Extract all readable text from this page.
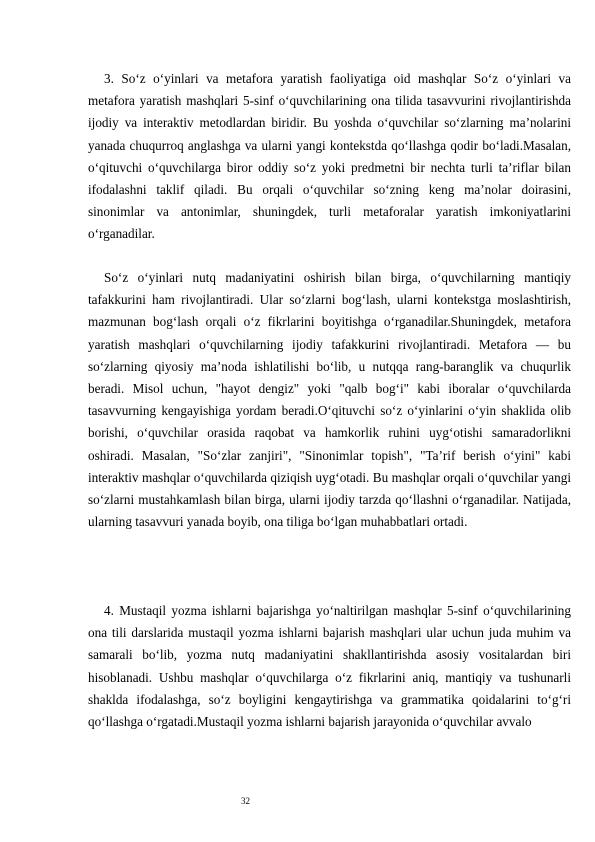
3. So‘z o‘yinlari va metafora yaratish faoliyatiga oid mashqlar So‘z o‘yinlari va metafora yaratish mashqlari 5-sinf o‘quvchilarining ona tilida tasavvurini rivojlantirishda ijodiy va interaktiv metodlardan biridir. Bu yoshda o‘quvchilar so‘zlarning ma’nolarini yanada chuqurroq anglashga va ularni yangi kontekstda qo‘llashga qodir bo‘ladi.Masalan, o‘qituvchi o‘quvchilarga biror oddiy so‘z yoki predmetni bir nechta turli ta’riflar bilan ifodalashni taklif qiladi. Bu orqali o‘quvchilar so‘zning keng ma’nolar doirasini, sinonimlar va antonimlar, shuningdek, turli metaforalar yaratish imkoniyatlarini o‘rganadilar.

So‘z o‘yinlari nutq madaniyatini oshirish bilan birga, o‘quvchilarning mantiqiy tafakkurini ham rivojlantiradi. Ular so‘zlarni bog‘lash, ularni kontekstga moslashtirish, mazmunan bog‘lash orqali o‘z fikrlarini boyitishga o‘rganadilar.Shuningdek, metafora yaratish mashqlari o‘quvchilarning ijodiy tafakkurini rivojlantiradi. Metafora — bu so‘zlarning qiyosiy ma’noda ishlatilishi bo‘lib, u nutqqa rang-baranglik va chuqurlik beradi. Misol uchun, "hayot dengiz" yoki "qalb bog‘i" kabi iboralar o‘quvchilarda tasavvurning kengayishiga yordam beradi.O‘qituvchi so‘z o‘yinlarini o‘yin shaklida olib borishi, o‘quvchilar orasida raqobat va hamkorlik ruhini uyg‘otishi samaradorlikni oshiradi. Masalan, "So‘zlar zanjiri", "Sinonimlar topish", "Ta’rif berish o‘yini" kabi interaktiv mashqlar o‘quvchilarda qiziqish uyg‘otadi. Bu mashqlar orqali o‘quvchilar yangi so‘zlarni mustahkamlash bilan birga, ularni ijodiy tarzda qo‘llashni o‘rganadilar. Natijada, ularning tasavvuri yanada boyib, ona tiliga bo‘lgan muhabbatlari ortadi.

4. Mustaqil yozma ishlarni bajarishga yo‘naltirilgan mashqlar 5-sinf o‘quvchilarining ona tili darslarida mustaqil yozma ishlarni bajarish mashqlari ular uchun juda muhim va samarali bo‘lib, yozma nutq madaniyatini shakllantirishda asosiy vositalardan biri hisoblanadi. Ushbu mashqlar o‘quvchilarga o‘z fikrlarini aniq, mantiqiy va tushunarli shaklda ifodalashga, so‘z boyligini kengaytirishga va grammatika qoidalarini to‘g‘ri qo‘llashga o‘rgatadi.Mustaqil yozma ishlarni bajarish jarayonida o‘quvchilar avvalo

32
